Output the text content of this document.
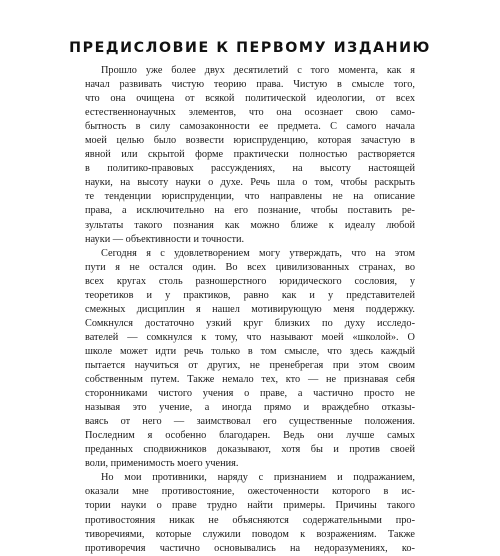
ПРЕДИСЛОВИЕ К ПЕРВОМУ ИЗДАНИЮ
Прошло уже более двух десятилетий с того момента, как я
начал развивать чистую теорию права. Чистую в смысле того,
что она очищена от всякой политической идеологии, от всех
естественнонаучных элементов, что она осознает свою само-
бытность в силу самозаконности ее предмета. С самого начала
моей целью было возвести юриспруденцию, которая зачастую в
явной или скрытой форме практически полностью растворяется
в политико-правовых рассуждениях, на высоту настоящей
науки, на высоту науки о духе. Речь шла о том, чтобы раскрыть
те тенденции юриспруденции, что направлены не на описание
права, а исключительно на его познание, чтобы поставить ре-
зультаты такого познания как можно ближе к идеалу любой
науки — объективности и точности.
Сегодня я с удовлетворением могу утверждать, что на этом
пути я не остался один. Во всех цивилизованных странах, во
всех кругах столь разношерстного юридического сословия, у
теоретиков и у практиков, равно как и у представителей
смежных дисциплин я нашел мотивирующую меня поддержку.
Сомкнулся достаточно узкий круг близких по духу исследо-
вателей — сомкнулся к тому, что называют моей «школой». О
школе может идти речь только в том смысле, что здесь каждый
пытается научиться от других, не пренебрегая при этом своим
собственным путем. Также немало тех, кто — не признавая себя
сторонниками чистого учения о праве, а частично просто не
называя это учение, а иногда прямо и враждебно отказы-
ваясь от него — заимствовал его существенные положения.
Последним я особенно благодарен. Ведь они лучше самых
преданных сподвижников доказывают, хотя бы и против своей
воли, применимость моего учения.
Но мои противники, наряду с признанием и подражанием,
оказали мне противостояние, ожесточенности которого в ис-
тории науки о праве трудно найти примеры. Причины такого
противостояния никак не объясняются содержательными про-
тиворечиями, которые служили поводом к возражениям. Также
противоречия частично основывались на недоразумениях, ко-
